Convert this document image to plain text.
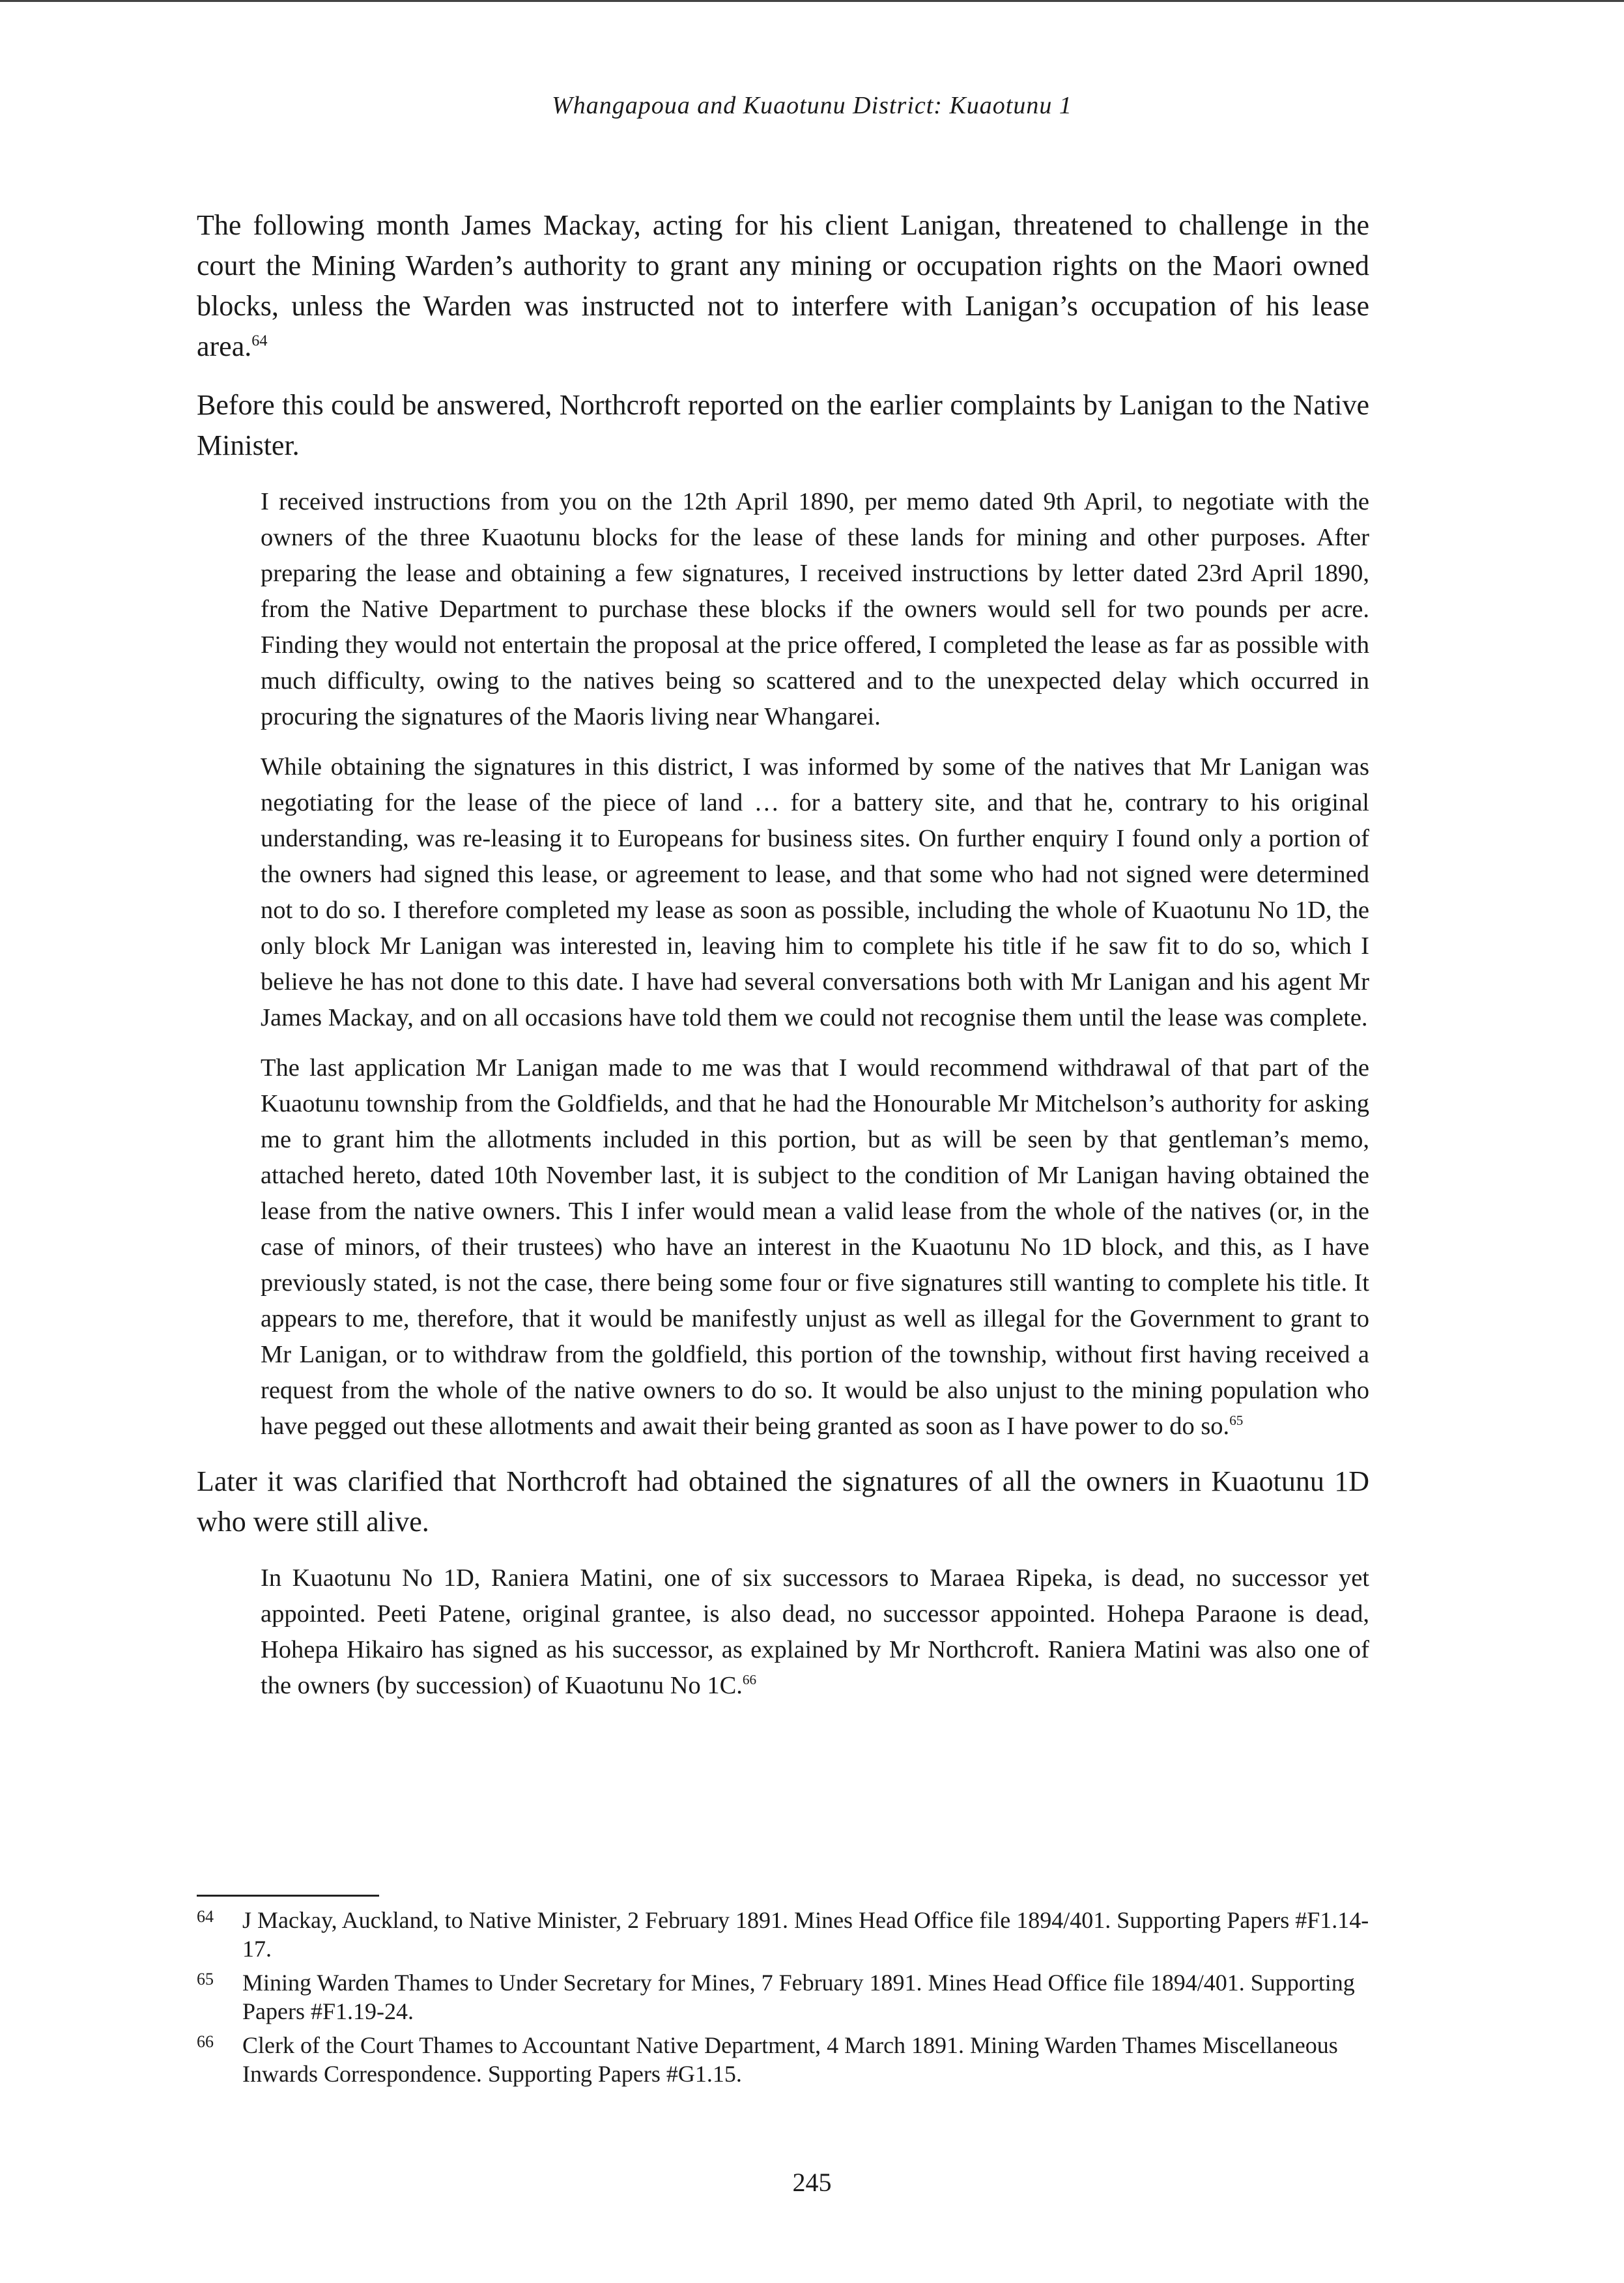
Whangapoua and Kuaotunu District: Kuaotunu 1

The following month James Mackay, acting for his client Lanigan, threatened to challenge in the court the Mining Warden’s authority to grant any mining or occupation rights on the Maori owned blocks, unless the Warden was instructed not to interfere with Lanigan’s occupation of his lease area.$^{64}$

Before this could be answered, Northcroft reported on the earlier complaints by Lanigan to the Native Minister.

I received instructions from you on the 12th April 1890, per memo dated 9th April, to negotiate with the owners of the three Kuaotunu blocks for the lease of these lands for mining and other purposes. After preparing the lease and obtaining a few signatures, I received instructions by letter dated 23rd April 1890, from the Native Department to purchase these blocks if the owners would sell for two pounds per acre. Finding they would not entertain the proposal at the price offered, I completed the lease as far as possible with much difficulty, owing to the natives being so scattered and to the unexpected delay which occurred in procuring the signatures of the Maoris living near Whangarei.

While obtaining the signatures in this district, I was informed by some of the natives that Mr Lanigan was negotiating for the lease of the piece of land … for a battery site, and that he, contrary to his original understanding, was re-leasing it to Europeans for business sites. On further enquiry I found only a portion of the owners had signed this lease, or agreement to lease, and that some who had not signed were determined not to do so. I therefore completed my lease as soon as possible, including the whole of Kuaotunu No 1D, the only block Mr Lanigan was interested in, leaving him to complete his title if he saw fit to do so, which I believe he has not done to this date. I have had several conversations both with Mr Lanigan and his agent Mr James Mackay, and on all occasions have told them we could not recognise them until the lease was complete.

The last application Mr Lanigan made to me was that I would recommend withdrawal of that part of the Kuaotunu township from the Goldfields, and that he had the Honourable Mr Mitchelson’s authority for asking me to grant him the allotments included in this portion, but as will be seen by that gentleman’s memo, attached hereto, dated 10th November last, it is subject to the condition of Mr Lanigan having obtained the lease from the native owners. This I infer would mean a valid lease from the whole of the natives (or, in the case of minors, of their trustees) who have an interest in the Kuaotunu No 1D block, and this, as I have previously stated, is not the case, there being some four or five signatures still wanting to complete his title. It appears to me, therefore, that it would be manifestly unjust as well as illegal for the Government to grant to Mr Lanigan, or to withdraw from the goldfield, this portion of the township, without first having received a request from the whole of the native owners to do so. It would be also unjust to the mining population who have pegged out these allotments and await their being granted as soon as I have power to do so.$^{65}$

Later it was clarified that Northcroft had obtained the signatures of all the owners in Kuaotunu 1D who were still alive.

In Kuaotunu No 1D, Raniera Matini, one of six successors to Maraea Ripeka, is dead, no successor yet appointed. Peeti Patene, original grantee, is also dead, no successor appointed. Hohepa Paraone is dead, Hohepa Hikairo has signed as his successor, as explained by Mr Northcroft. Raniera Matini was also one of the owners (by succession) of Kuaotunu No 1C.$^{66}$

64	J Mackay, Auckland, to Native Minister, 2 February 1891. Mines Head Office file 1894/401. Supporting Papers #F1.14-17.
65	Mining Warden Thames to Under Secretary for Mines, 7 February 1891. Mines Head Office file 1894/401. Supporting Papers #F1.19-24.
66	Clerk of the Court Thames to Accountant Native Department, 4 March 1891. Mining Warden Thames Miscellaneous Inwards Correspondence. Supporting Papers #G1.15.
245
